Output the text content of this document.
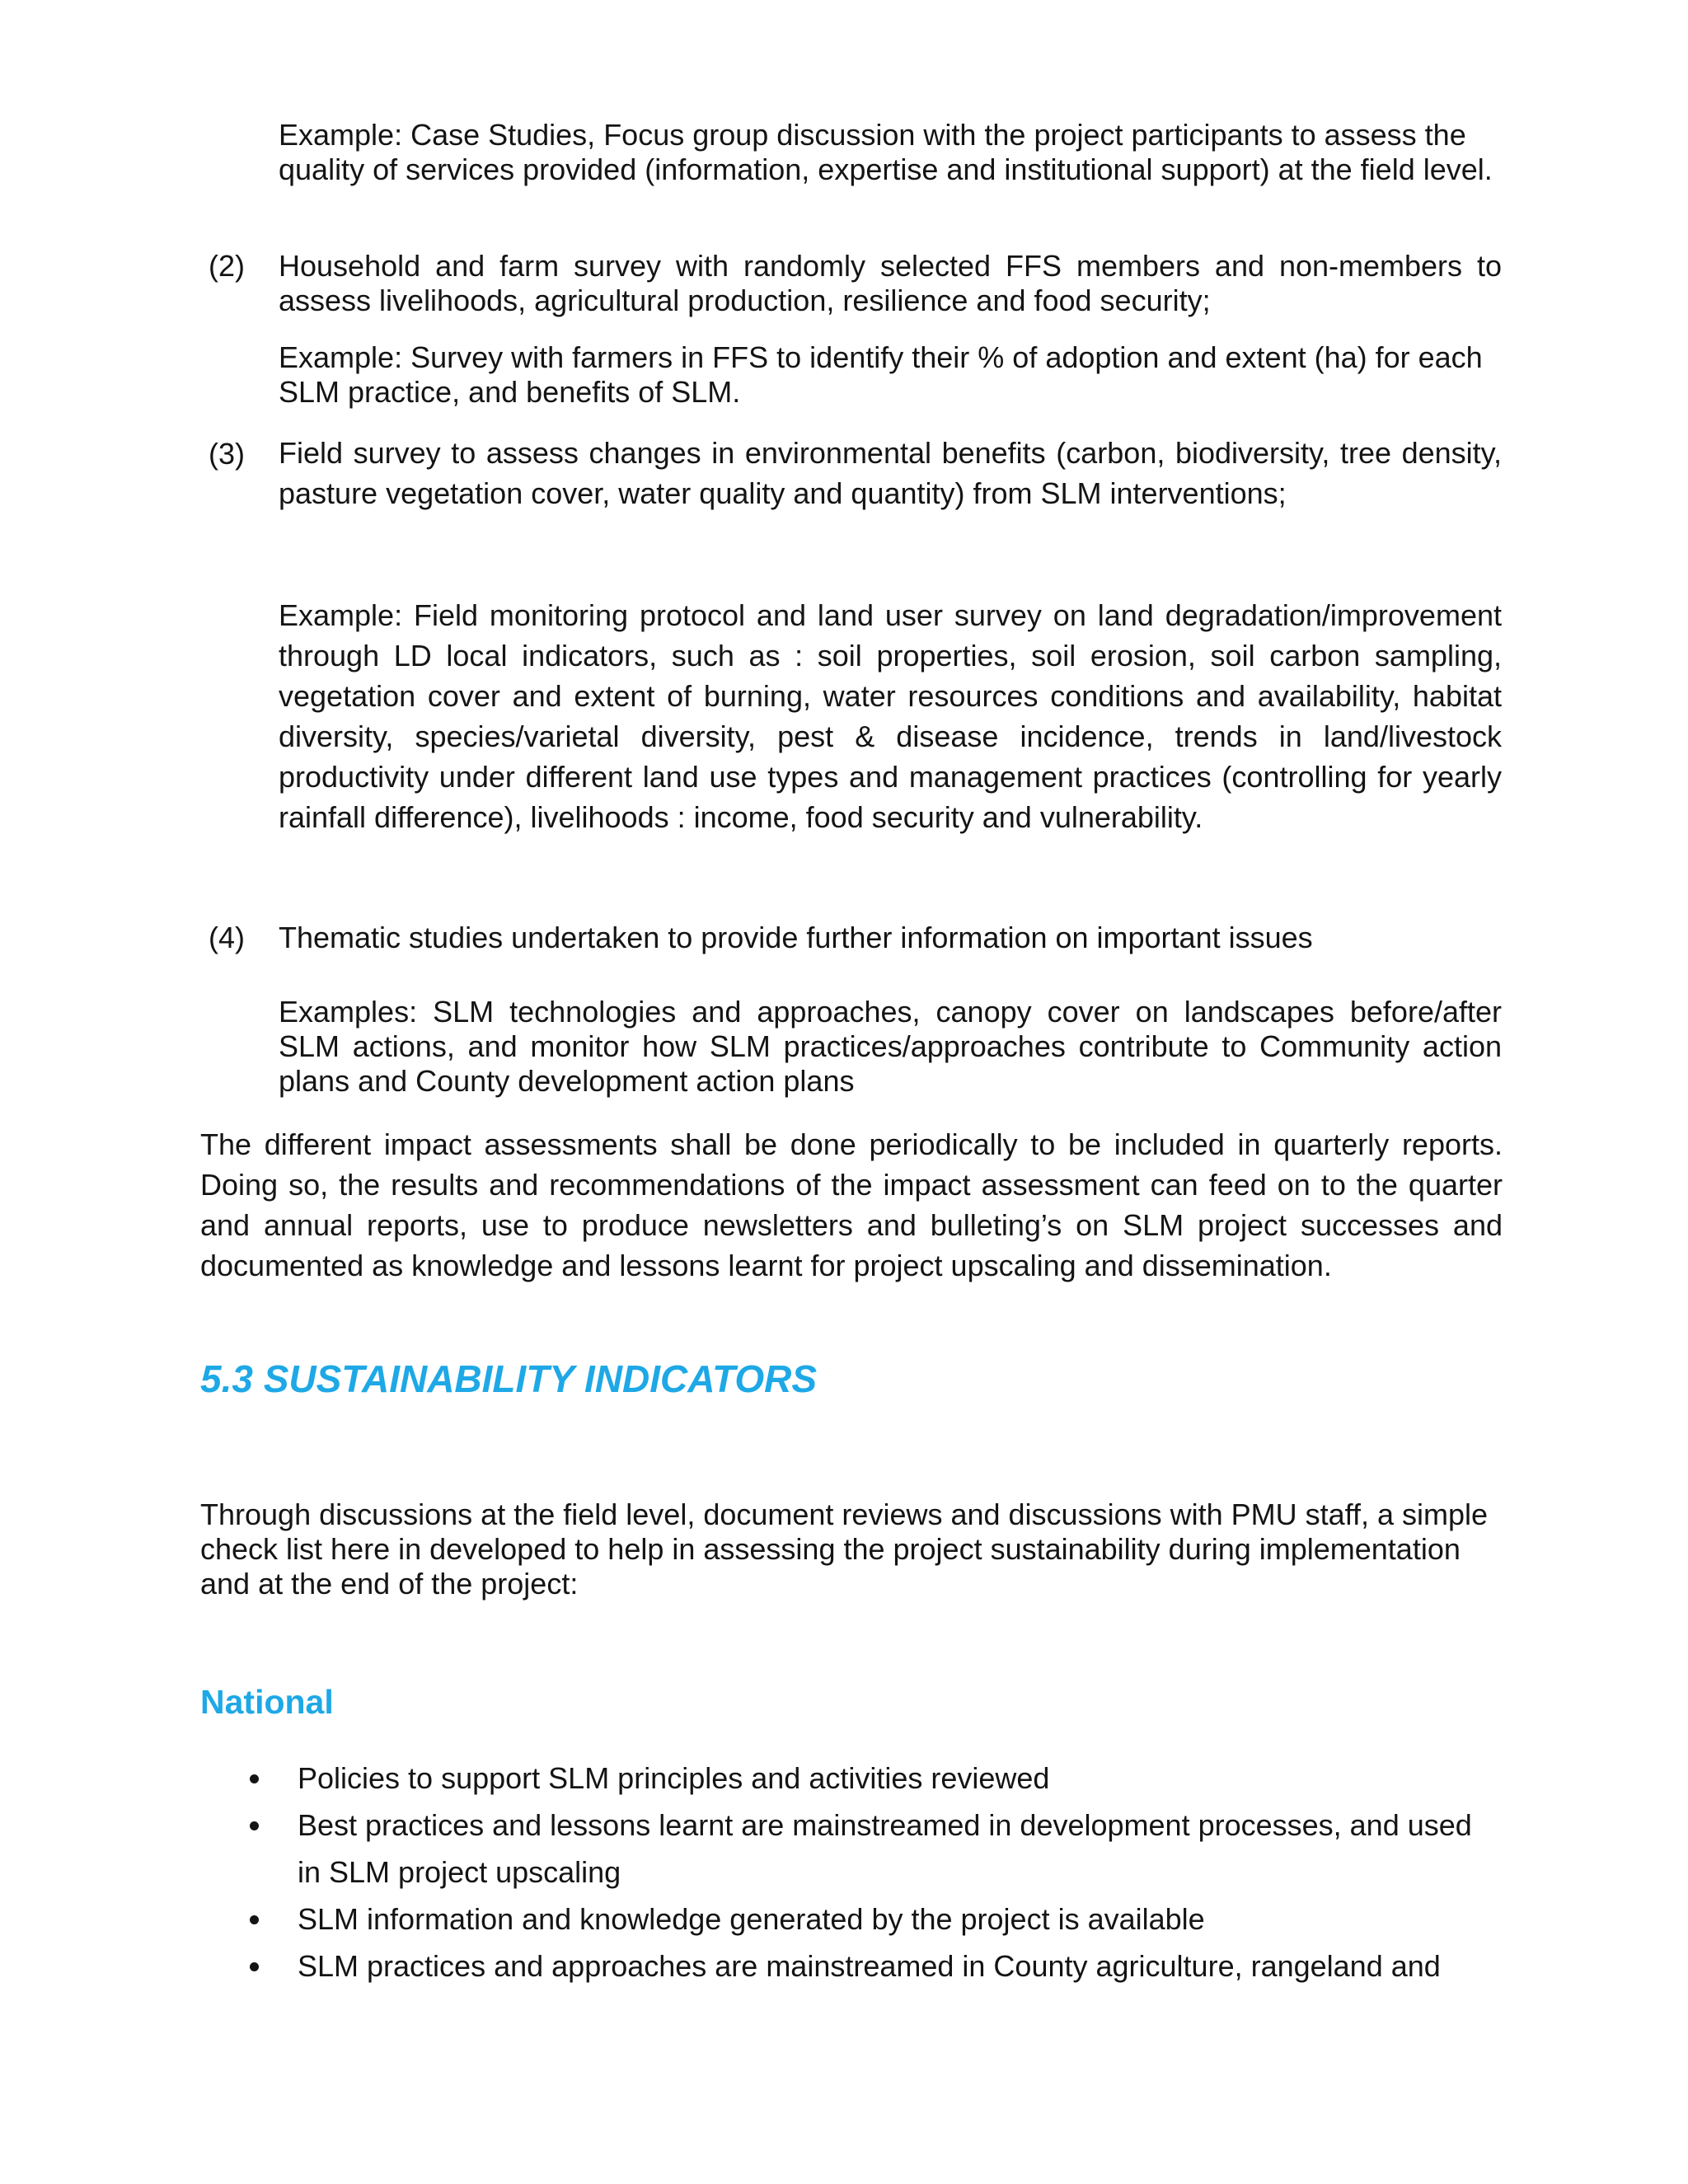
Example: Case Studies, Focus group discussion with the project participants to assess the quality of services provided (information, expertise and institutional support) at the field level.

(2) Household and farm survey with randomly selected FFS members and non-members to assess livelihoods, agricultural production, resilience and food security;

Example: Survey with farmers in FFS to identify their % of adoption and extent (ha) for each SLM practice, and benefits of SLM.

(3) Field survey to assess changes in environmental benefits (carbon, biodiversity, tree density, pasture vegetation cover, water quality and quantity) from SLM interventions;

Example: Field monitoring protocol and land user survey on land degradation/improvement through LD local indicators, such as : soil properties, soil erosion, soil carbon sampling, vegetation cover and extent of burning, water resources conditions and availability, habitat diversity, species/varietal diversity, pest & disease incidence, trends in land/livestock productivity under different land use types and management practices (controlling for yearly rainfall difference), livelihoods : income, food security and vulnerability.

(4) Thematic studies undertaken to provide further information on important issues

Examples: SLM technologies and approaches, canopy cover on landscapes before/after SLM actions, and monitor how SLM practices/approaches contribute to Community action plans and County development action plans

The different impact assessments shall be done periodically to be included in quarterly reports. Doing so, the results and recommendations of the impact assessment can feed on to the quarter and annual reports, use to produce newsletters and bulleting’s on SLM project successes and documented as knowledge and lessons learnt for project upscaling and dissemination.

5.3 SUSTAINABILITY INDICATORS

Through discussions at the field level, document reviews and discussions with PMU staff, a simple check list here in developed to help in assessing the project sustainability during implementation and at the end of the project:

National
Policies to support SLM principles and activities reviewed
Best practices and lessons learnt are mainstreamed in development processes, and used in SLM project upscaling
SLM information and knowledge generated by the project is available
SLM practices and approaches are mainstreamed in County agriculture, rangeland and
